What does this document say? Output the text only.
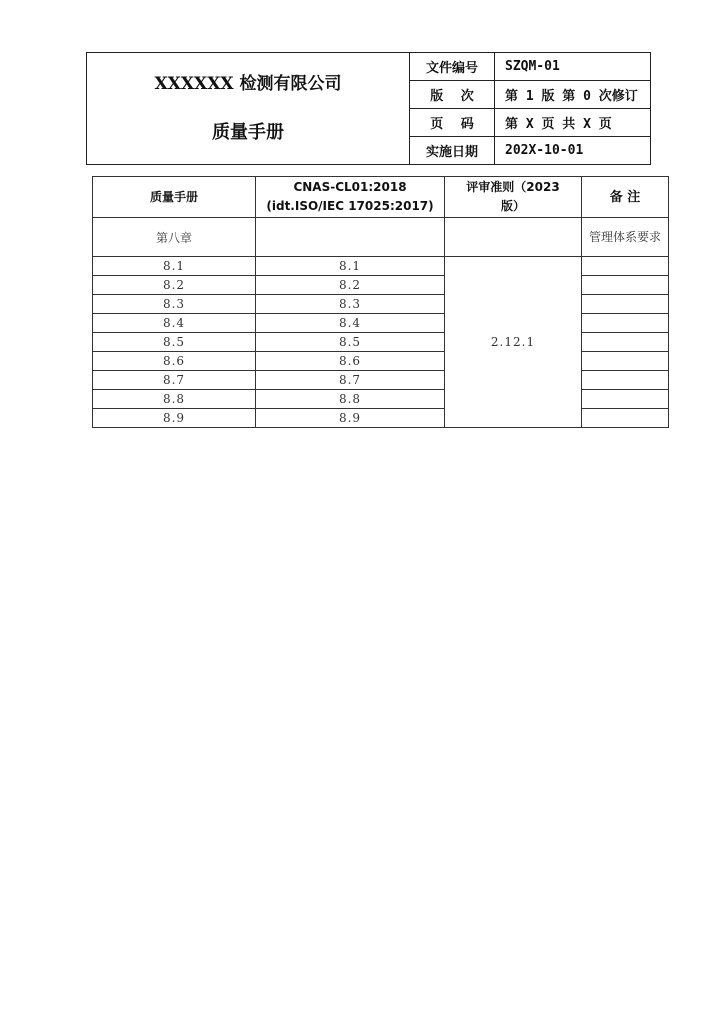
XXXXXX 检测有限公司
质量手册
文件编号	SZQM-01
版　 次	第 1 版 第 0 次修订
页　 码	第 X 页 共 X 页
实施日期	202X-10-01
质量手册	CNAS-CL01:2018 (idt.ISO/IEC 17025:2017)	评审准则（2023 版）	备 注
第八章			管理体系要求
8.1	8.1	2.12.1	
8.2	8.2		
8.3	8.3		
8.4	8.4		
8.5	8.5		
8.6	8.6		
8.7	8.7		
8.8	8.8		
8.9	8.9		
